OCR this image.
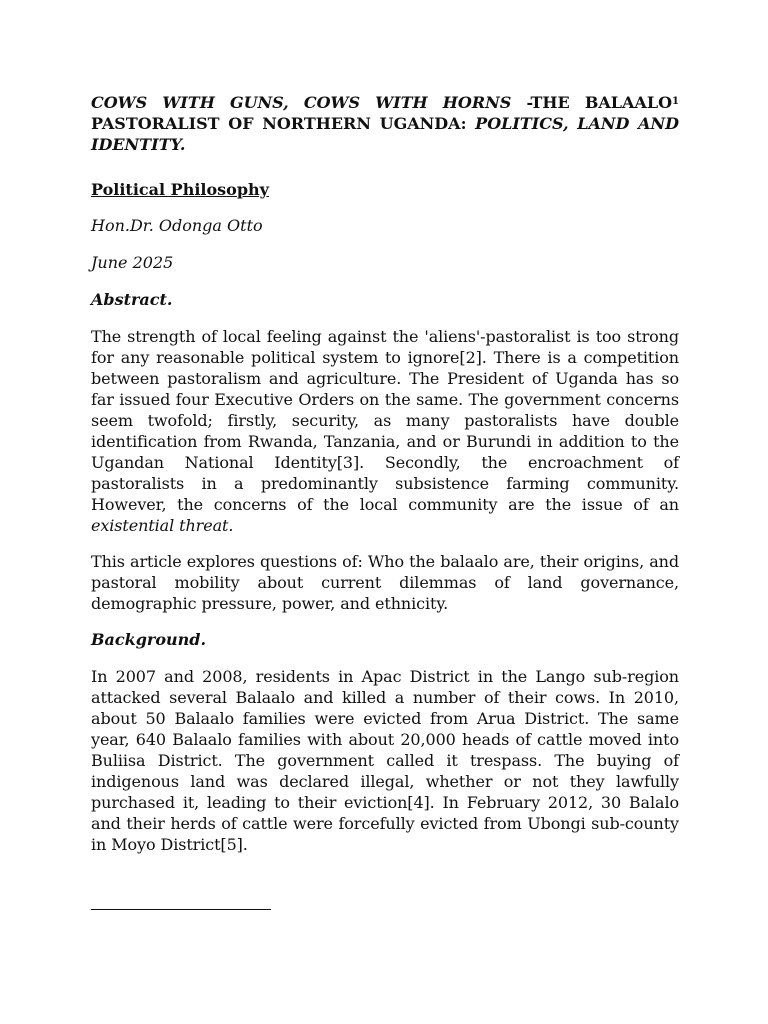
COWS WITH GUNS, COWS WITH HORNS -THE BALAALO$^1$ PASTORALIST OF NORTHERN UGANDA: POLITICS, LAND AND IDENTITY.

Political Philosophy

Hon.Dr. Odonga Otto

June 2025

Abstract.

The strength of local feeling against the 'aliens'-pastoralist is too strong for any reasonable political system to ignore[2]. There is a competition between pastoralism and agriculture. The President of Uganda has so far issued four Executive Orders on the same. The government concerns seem twofold; firstly, security, as many pastoralists have double identification from Rwanda, Tanzania, and or Burundi in addition to the Ugandan National Identity[3]. Secondly, the encroachment of pastoralists in a predominantly subsistence farming community. However, the concerns of the local community are the issue of an existential threat.

This article explores questions of: Who the balaalo are, their origins, and pastoral mobility about current dilemmas of land governance, demographic pressure, power, and ethnicity.

Background.

In 2007 and 2008, residents in Apac District in the Lango sub-region attacked several Balaalo and killed a number of their cows. In 2010, about 50 Balaalo families were evicted from Arua District. The same year, 640 Balaalo families with about 20,000 heads of cattle moved into Buliisa District. The government called it trespass. The buying of indigenous land was declared illegal, whether or not they lawfully purchased it, leading to their eviction[4]. In February 2012, 30 Balalo and their herds of cattle were forcefully evicted from Ubongi sub-county in Moyo District[5].
